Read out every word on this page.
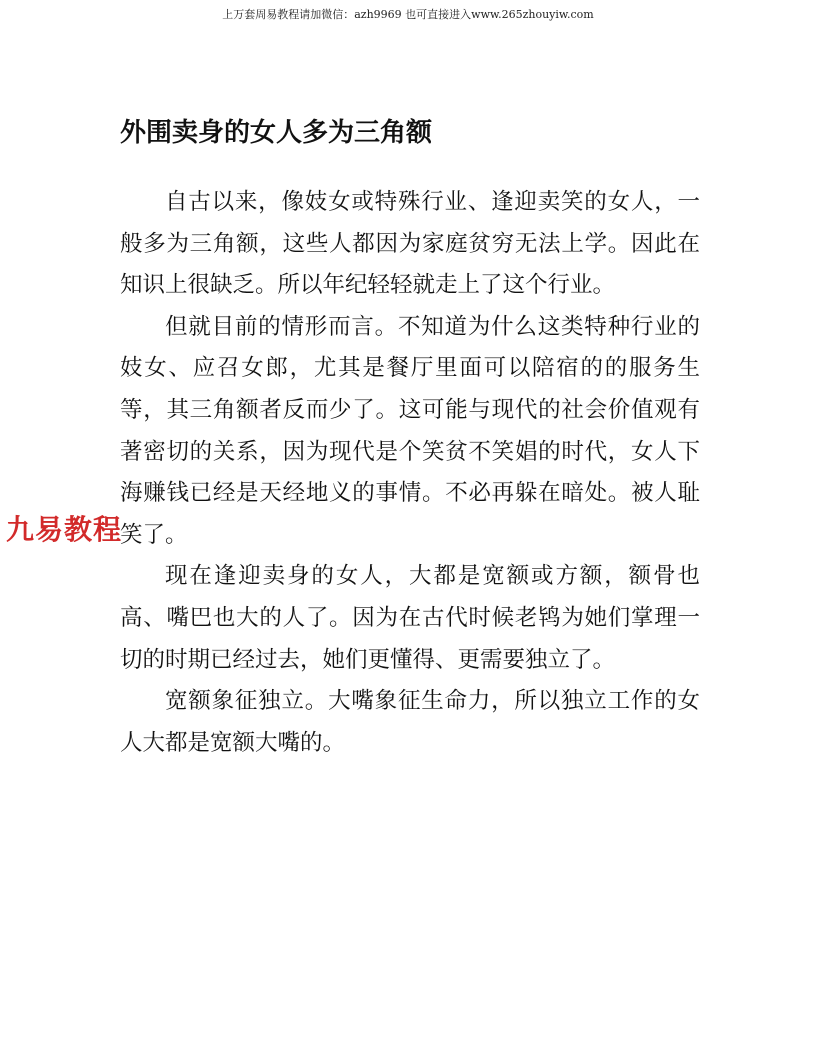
上万套周易教程请加微信：azh9969 也可直接进入www.265zhouyiw.com
外围卖身的女人多为三角额

自古以来，像妓女或特殊行业、逢迎卖笑的女人，一般多为三角额，这些人都因为家庭贫穷无法上学。因此在知识上很缺乏。所以年纪轻轻就走上了这个行业。

但就目前的情形而言。不知道为什么这类特种行业的妓女、应召女郎，尤其是餐厅里面可以陪宿的的服务生等，其三角额者反而少了。这可能与现代的社会价值观有著密切的关系，因为现代是个笑贫不笑娼的时代，女人下海赚钱已经是天经地义的事情。不必再躲在暗处。被人耻笑了。

现在逢迎卖身的女人，大都是宽额或方额，额骨也高、嘴巴也大的人了。因为在古代时候老鸨为她们掌理一切的时期已经过去，她们更懂得、更需要独立了。

宽额象征独立。大嘴象征生命力，所以独立工作的女人大都是宽额大嘴的。

九易教程
